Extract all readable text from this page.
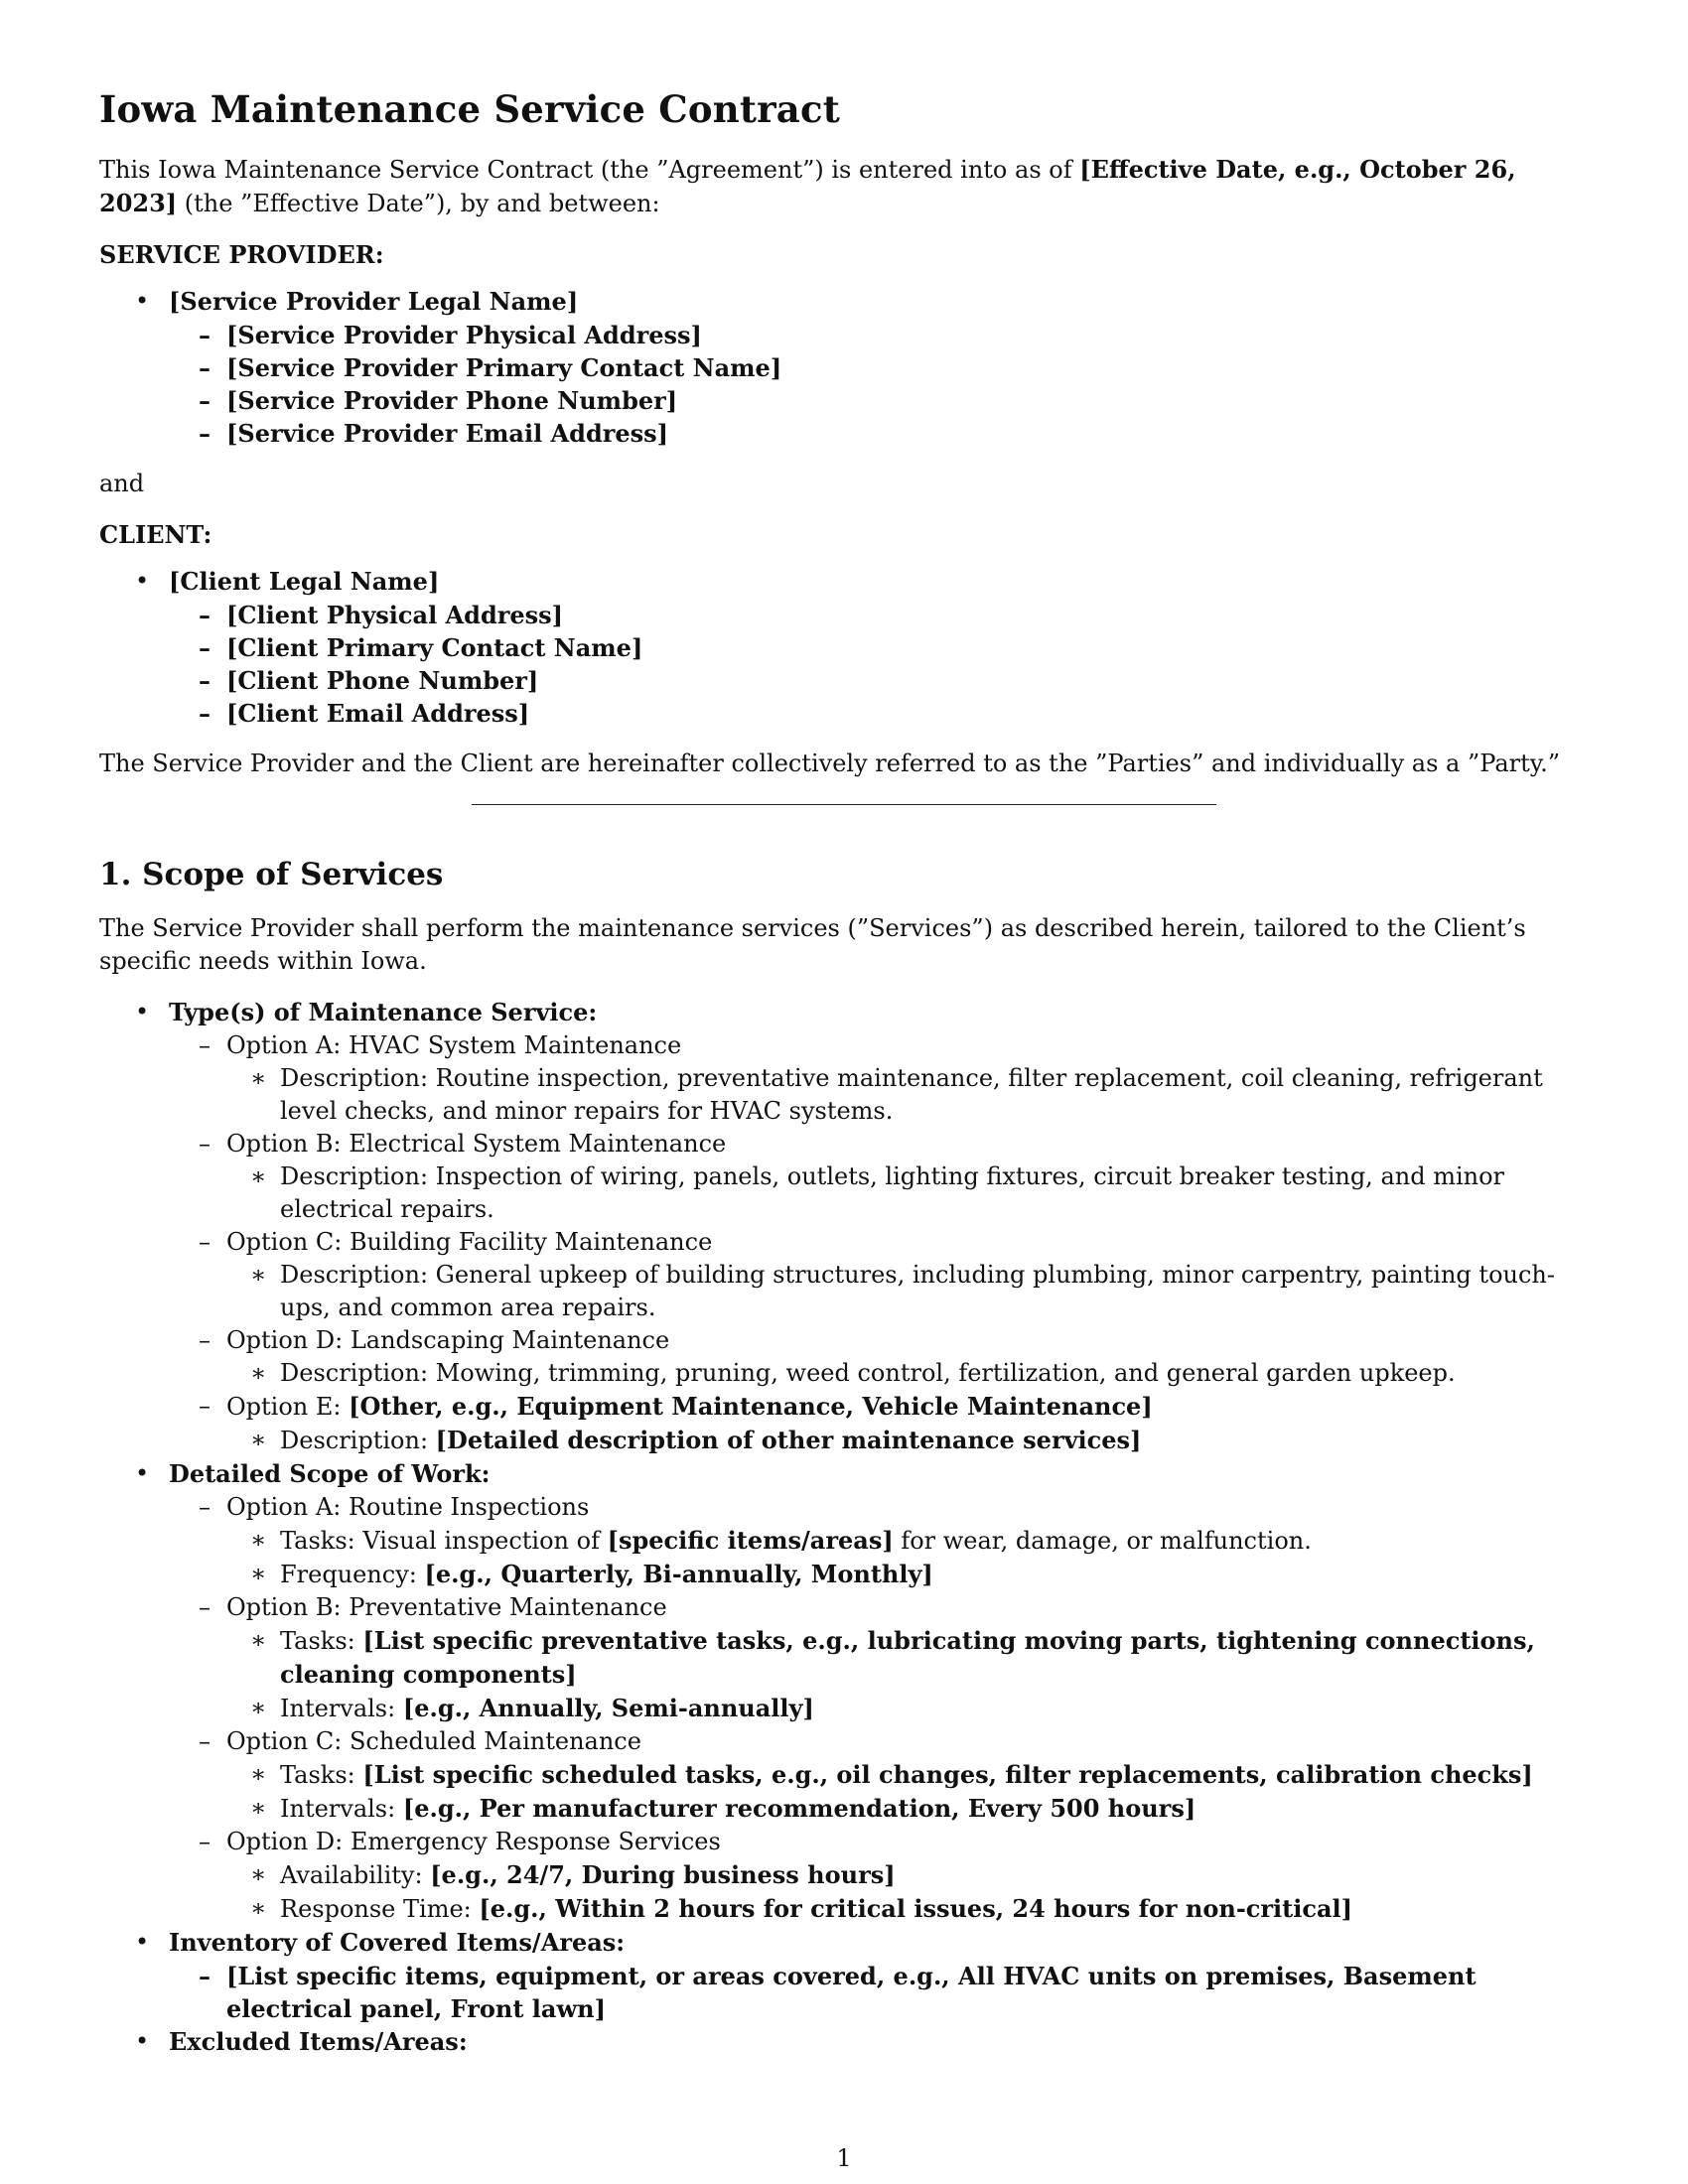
Iowa Maintenance Service Contract

This Iowa Maintenance Service Contract (the ”Agreement”) is entered into as of [Effective Date, e.g., October 26, 2023] (the ”Effective Date”), by and between:

SERVICE PROVIDER:
• [Service Provider Legal Name]
– [Service Provider Physical Address]
– [Service Provider Primary Contact Name]
– [Service Provider Phone Number]
– [Service Provider Email Address]

and

CLIENT:
• [Client Legal Name]
– [Client Physical Address]
– [Client Primary Contact Name]
– [Client Phone Number]
– [Client Email Address]

The Service Provider and the Client are hereinafter collectively referred to as the ”Parties” and individually as a ”Party.”

1. Scope of Services

The Service Provider shall perform the maintenance services (”Services”) as described herein, tailored to the Client’s specific needs within Iowa.

• Type(s) of Maintenance Service:
– Option A: HVAC System Maintenance
∗ Description: Routine inspection, preventative maintenance, filter replacement, coil cleaning, refrigerant level checks, and minor repairs for HVAC systems.
– Option B: Electrical System Maintenance
∗ Description: Inspection of wiring, panels, outlets, lighting fixtures, circuit breaker testing, and minor electrical repairs.
– Option C: Building Facility Maintenance
∗ Description: General upkeep of building structures, including plumbing, minor carpentry, painting touch-ups, and common area repairs.
– Option D: Landscaping Maintenance
∗ Description: Mowing, trimming, pruning, weed control, fertilization, and general garden upkeep.
– Option E: [Other, e.g., Equipment Maintenance, Vehicle Maintenance]
∗ Description: [Detailed description of other maintenance services]
• Detailed Scope of Work:
– Option A: Routine Inspections
∗ Tasks: Visual inspection of [specific items/areas] for wear, damage, or malfunction.
∗ Frequency: [e.g., Quarterly, Bi-annually, Monthly]
– Option B: Preventative Maintenance
∗ Tasks: [List specific preventative tasks, e.g., lubricating moving parts, tightening connections, cleaning components]
∗ Intervals: [e.g., Annually, Semi-annually]
– Option C: Scheduled Maintenance
∗ Tasks: [List specific scheduled tasks, e.g., oil changes, filter replacements, calibration checks]
∗ Intervals: [e.g., Per manufacturer recommendation, Every 500 hours]
– Option D: Emergency Response Services
∗ Availability: [e.g., 24/7, During business hours]
∗ Response Time: [e.g., Within 2 hours for critical issues, 24 hours for non-critical]
• Inventory of Covered Items/Areas:
– [List specific items, equipment, or areas covered, e.g., All HVAC units on premises, Basement electrical panel, Front lawn]
• Excluded Items/Areas:
1
